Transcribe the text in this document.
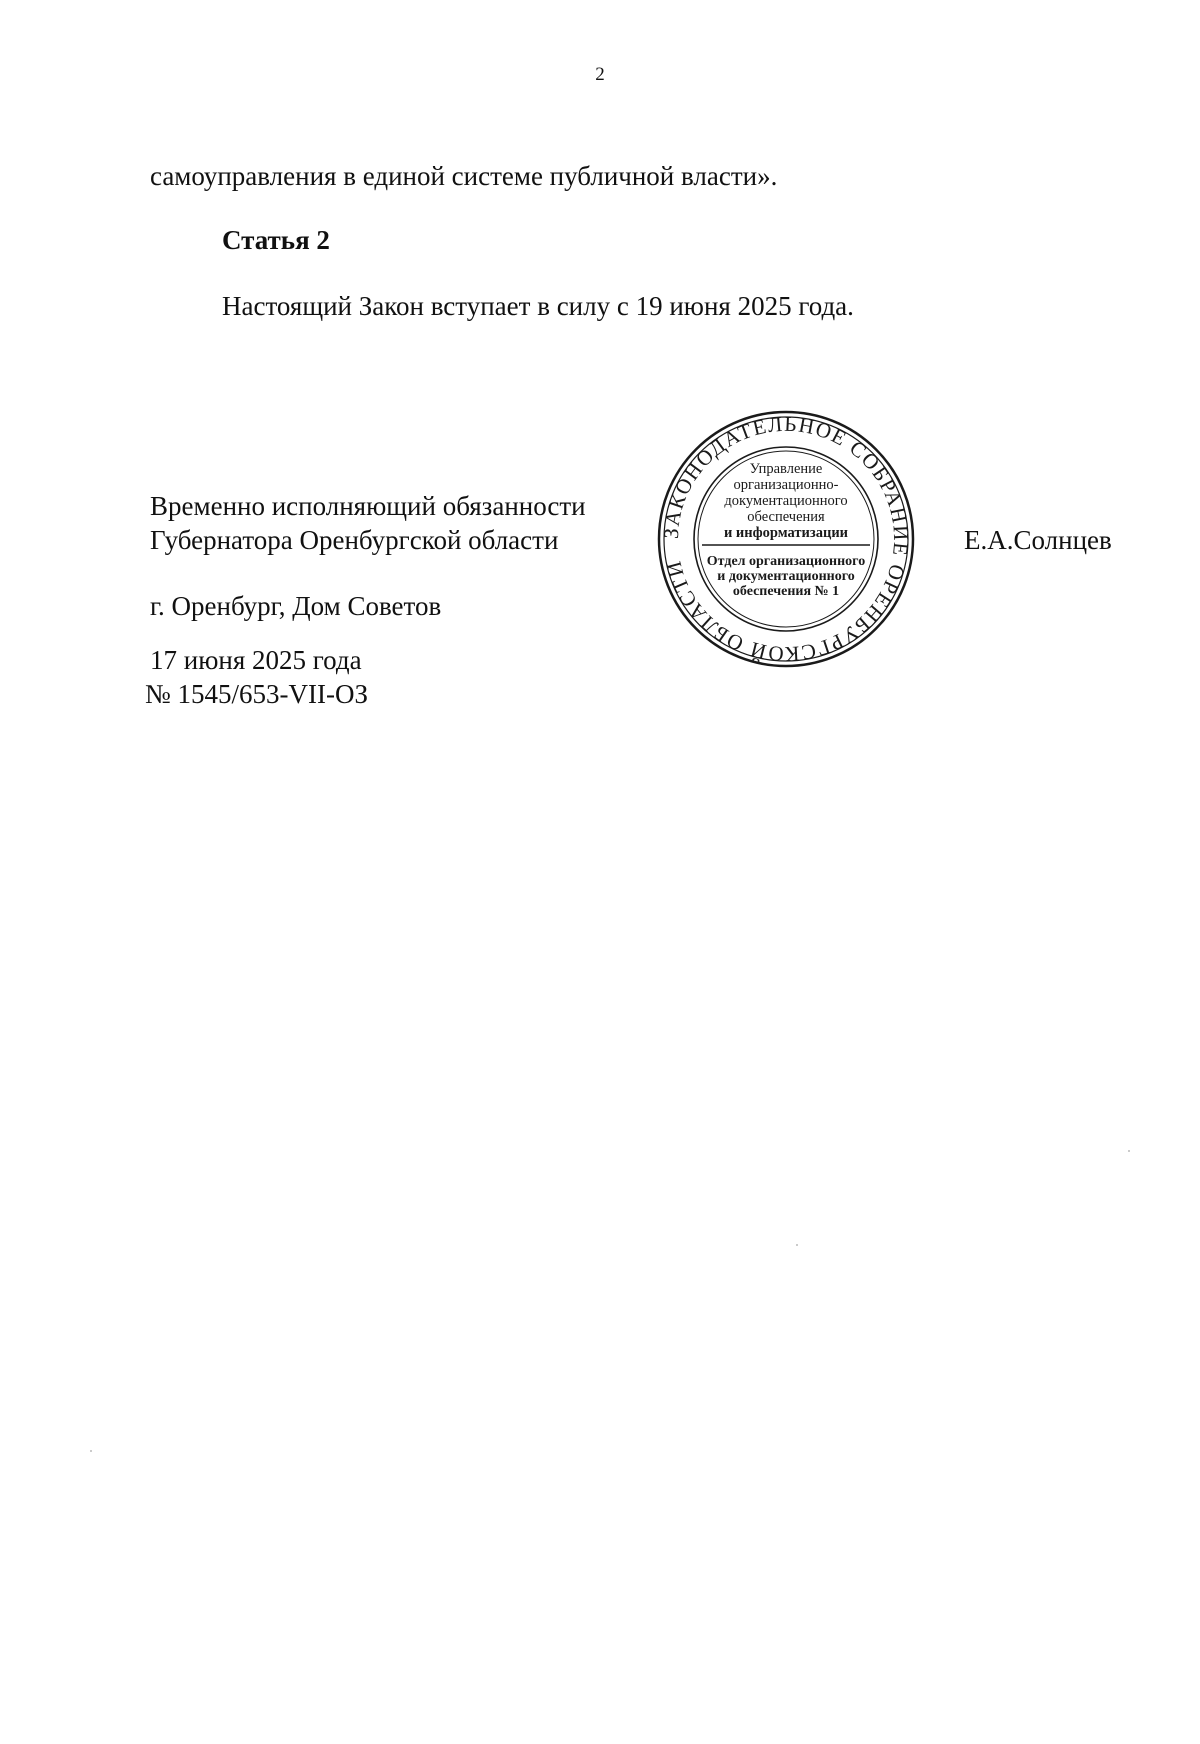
2
самоуправления в единой системе публичной власти».
Статья 2
Настоящий Закон вступает в силу с 19 июня 2025 года.
Временно исполняющий обязанности
Губернатора Оренбургской области	Е.А.Солнцев
г. Оренбург, Дом Советов
17 июня 2025 года
№ 1545/653-VII-ОЗ
ЗАКОНОДАТЕЛЬНОЕ СОБРАНИЕ ОРЕНБУРГСКОЙ ОБЛАСТИ
Управление
организационно-
документационного
обеспечения
и информатизации
Отдел организационного
и документационного
обеспечения № 1
